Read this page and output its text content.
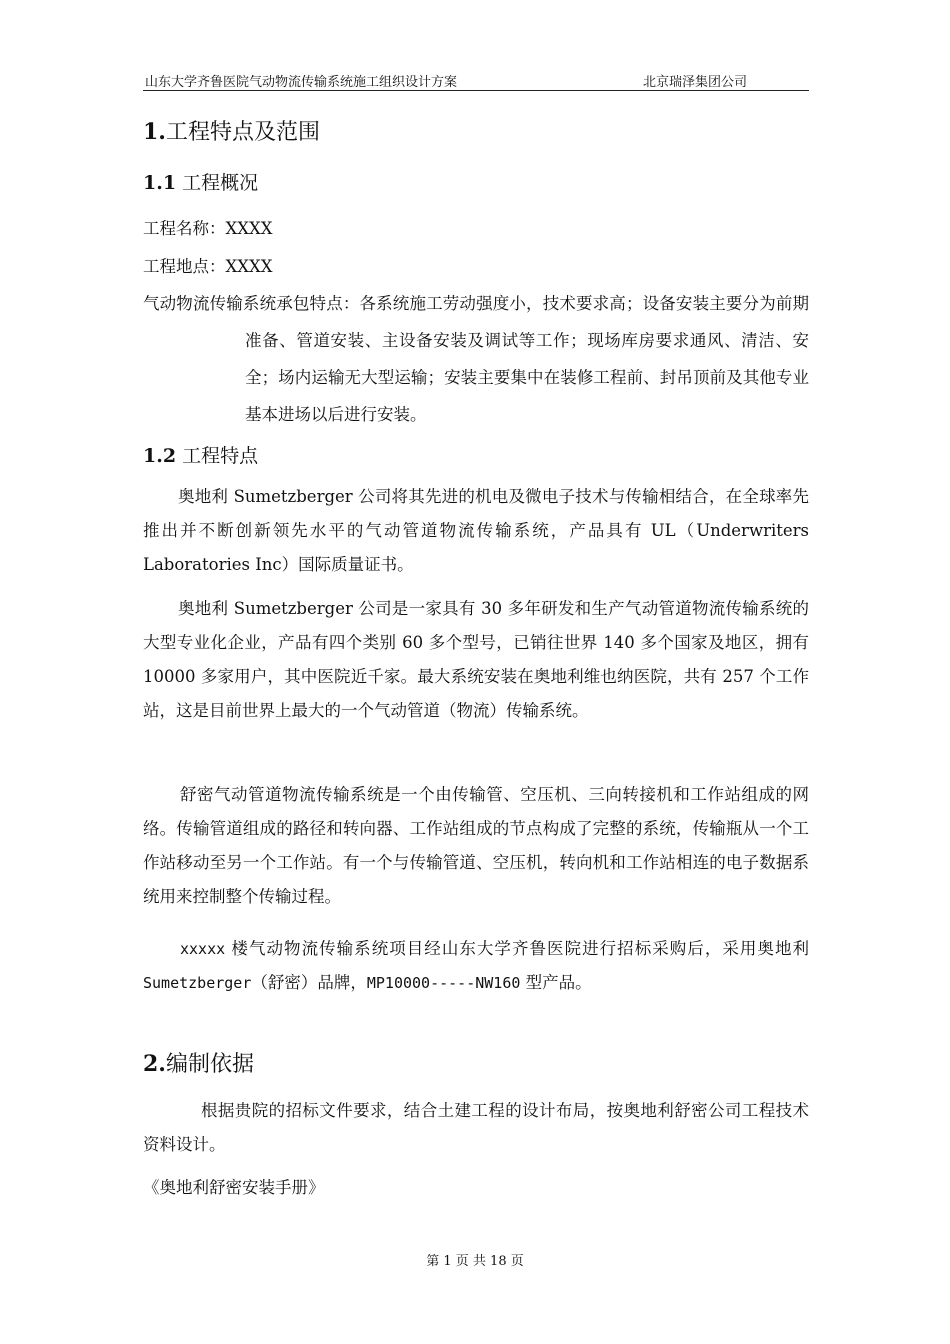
山东大学齐鲁医院气动物流传输系统施工组织设计方案	北京瑞泽集团公司
1.工程特点及范围
1.1 工程概况
工程名称：XXXX
工程地点：XXXX

气动物流传输系统承包特点：各系统施工劳动强度小，技术要求高；设备安装主要分为前期准备、管道安装、主设备安装及调试等工作；现场库房要求通风、清洁、安全；场内运输无大型运输；安装主要集中在装修工程前、封吊顶前及其他专业基本进场以后进行安装。

1.2 工程特点

奥地利 Sumetzberger 公司将其先进的机电及微电子技术与传输相结合，在全球率先推出并不断创新领先水平的气动管道物流传输系统，产品具有 UL（Underwriters Laboratories Inc）国际质量证书。

奥地利 Sumetzberger 公司是一家具有 30 多年研发和生产气动管道物流传输系统的大型专业化企业，产品有四个类别 60 多个型号，已销往世界 140 多个国家及地区，拥有 10000 多家用户，其中医院近千家。最大系统安装在奥地利维也纳医院，共有 257 个工作站，这是目前世界上最大的一个气动管道（物流）传输系统。

舒密气动管道物流传输系统是一个由传输管、空压机、三向转接机和工作站组成的网络。传输管道组成的路径和转向器、工作站组成的节点构成了完整的系统，传输瓶从一个工作站移动至另一个工作站。有一个与传输管道、空压机，转向机和工作站相连的电子数据系统用来控制整个传输过程。

xxxxx 楼气动物流传输系统项目经山东大学齐鲁医院进行招标采购后，采用奥地利 Sumetzberger（舒密）品牌，MP10000-----NW160 型产品。

2.编制依据

根据贵院的招标文件要求，结合土建工程的设计布局，按奥地利舒密公司工程技术资料设计。

《奥地利舒密安装手册》
第 1 页 共 18 页
